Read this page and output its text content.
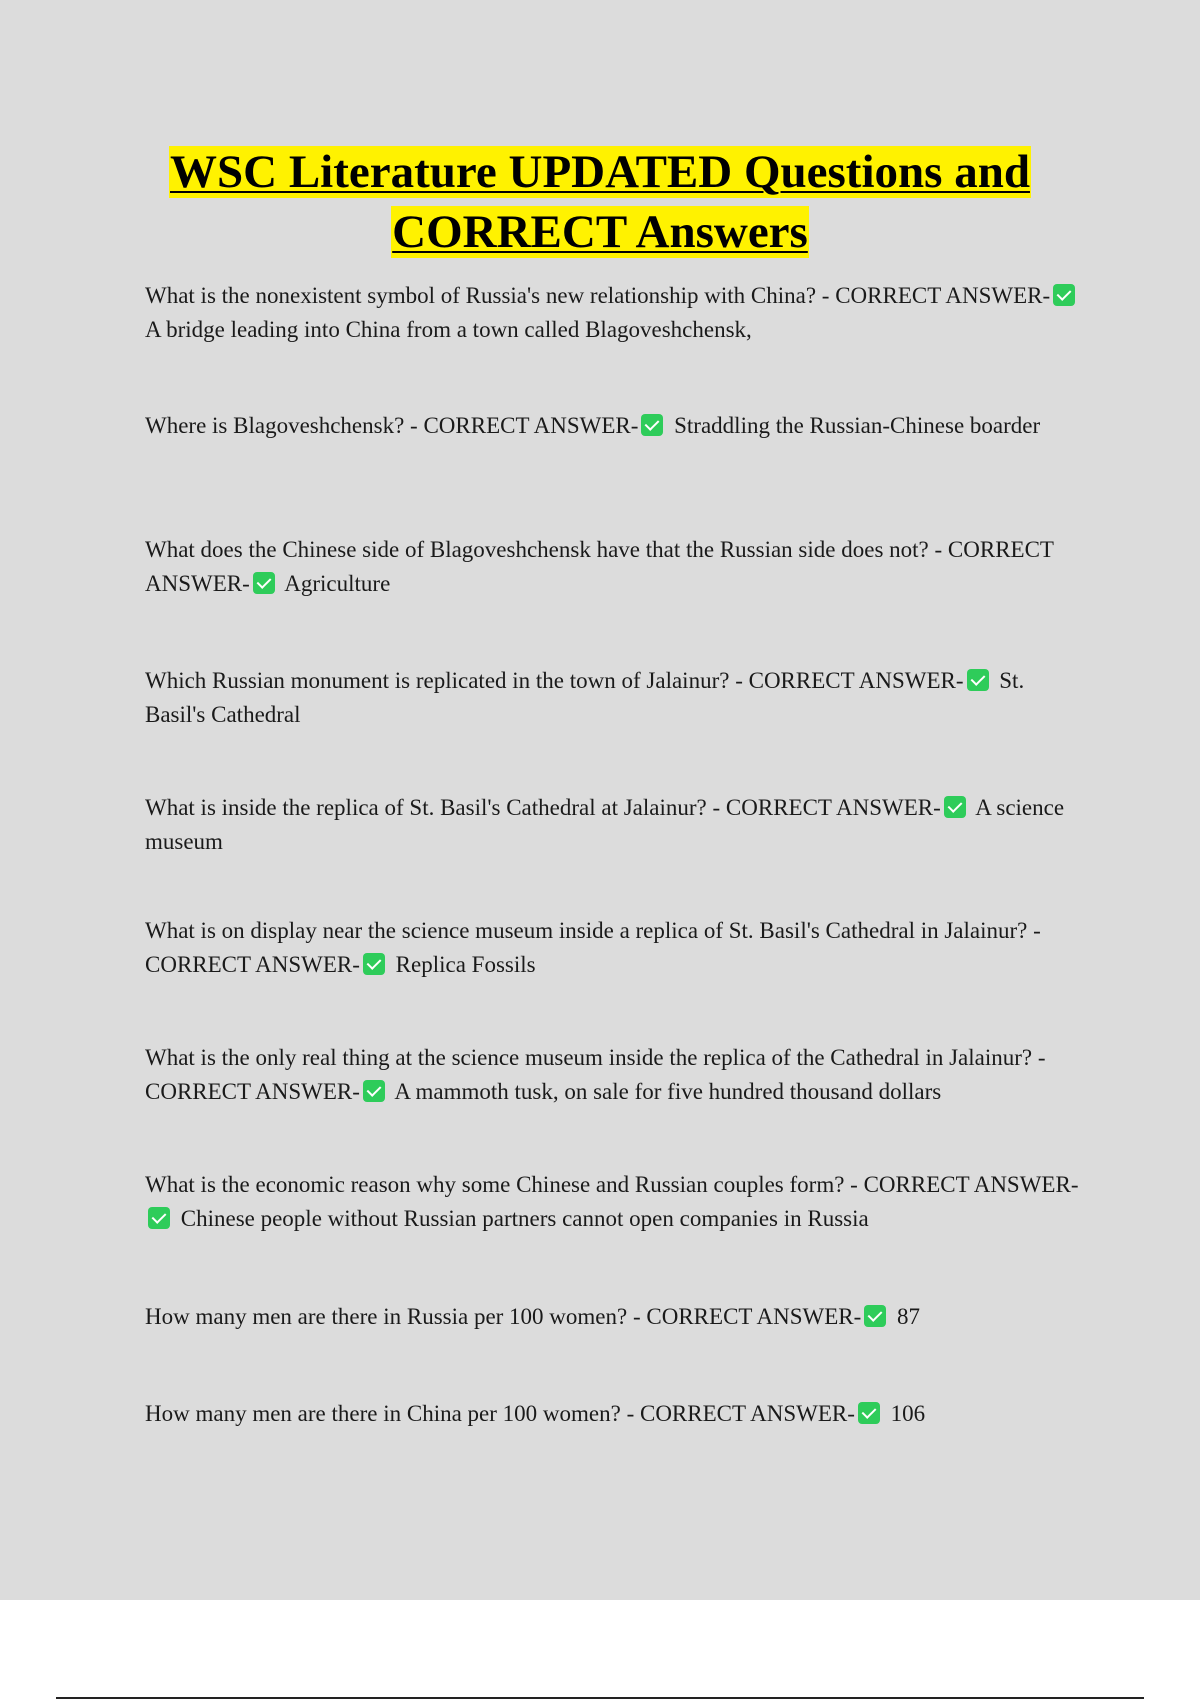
WSC Literature UPDATED Questions and
CORRECT Answers

What is the nonexistent symbol of Russia's new relationship with China? - CORRECT ANSWER- A bridge leading into China from a town called Blagoveshchensk,

Where is Blagoveshchensk? - CORRECT ANSWER- Straddling the Russian-Chinese boarder

What does the Chinese side of Blagoveshchensk have that the Russian side does not? - CORRECT ANSWER- Agriculture

Which Russian monument is replicated in the town of Jalainur? - CORRECT ANSWER- St. Basil's Cathedral

What is inside the replica of St. Basil's Cathedral at Jalainur? - CORRECT ANSWER- A science museum

What is on display near the science museum inside a replica of St. Basil's Cathedral in Jalainur? - CORRECT ANSWER- Replica Fossils

What is the only real thing at the science museum inside the replica of the Cathedral in Jalainur? - CORRECT ANSWER- A mammoth tusk, on sale for five hundred thousand dollars

What is the economic reason why some Chinese and Russian couples form? - CORRECT ANSWER- Chinese people without Russian partners cannot open companies in Russia

How many men are there in Russia per 100 women? - CORRECT ANSWER- 87

How many men are there in China per 100 women? - CORRECT ANSWER- 106
